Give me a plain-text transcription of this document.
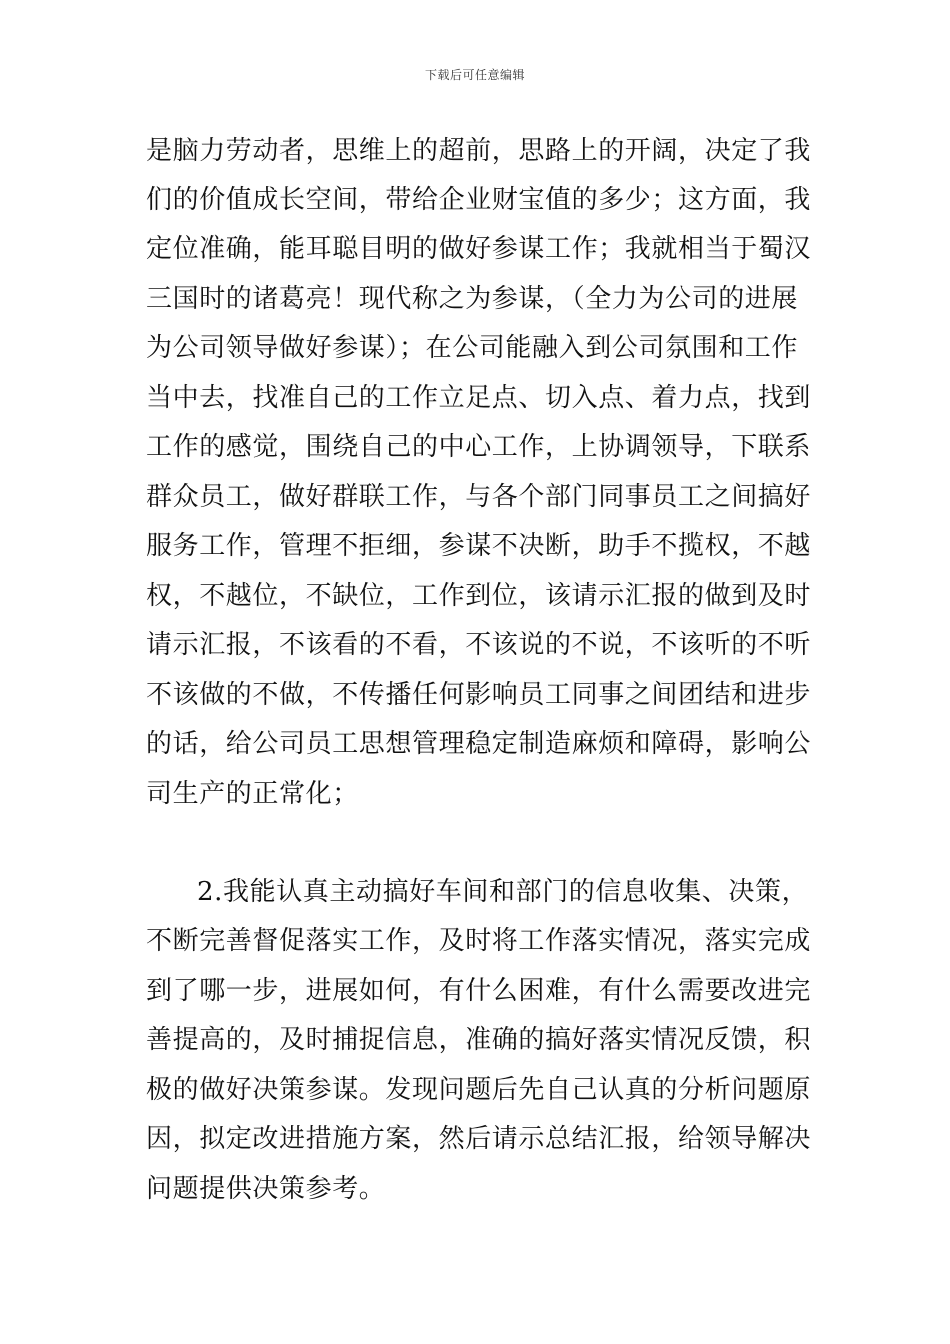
下载后可任意编辑
是脑力劳动者，思维上的超前，思路上的开阔，决定了我
们的价值成长空间，带给企业财宝值的多少；这方面，我
定位准确，能耳聪目明的做好参谋工作；我就相当于蜀汉
三国时的诸葛亮！现代称之为参谋，（全力为公司的进展
为公司领导做好参谋）；在公司能融入到公司氛围和工作
当中去，找准自己的工作立足点、切入点、着力点，找到
工作的感觉，围绕自己的中心工作，上协调领导，下联系
群众员工，做好群联工作，与各个部门同事员工之间搞好
服务工作，管理不拒细，参谋不决断，助手不揽权，不越
权，不越位，不缺位，工作到位，该请示汇报的做到及时
请示汇报，不该看的不看，不该说的不说，不该听的不听
不该做的不做，不传播任何影响员工同事之间团结和进步
的话，给公司员工思想管理稳定制造麻烦和障碍，影响公
司生产的正常化；
2.我能认真主动搞好车间和部门的信息收集、决策，
不断完善督促落实工作，及时将工作落实情况，落实完成
到了哪一步，进展如何，有什么困难，有什么需要改进完
善提高的，及时捕捉信息，准确的搞好落实情况反馈，积
极的做好决策参谋。发现问题后先自己认真的分析问题原
因，拟定改进措施方案，然后请示总结汇报，给领导解决
问题提供决策参考。
